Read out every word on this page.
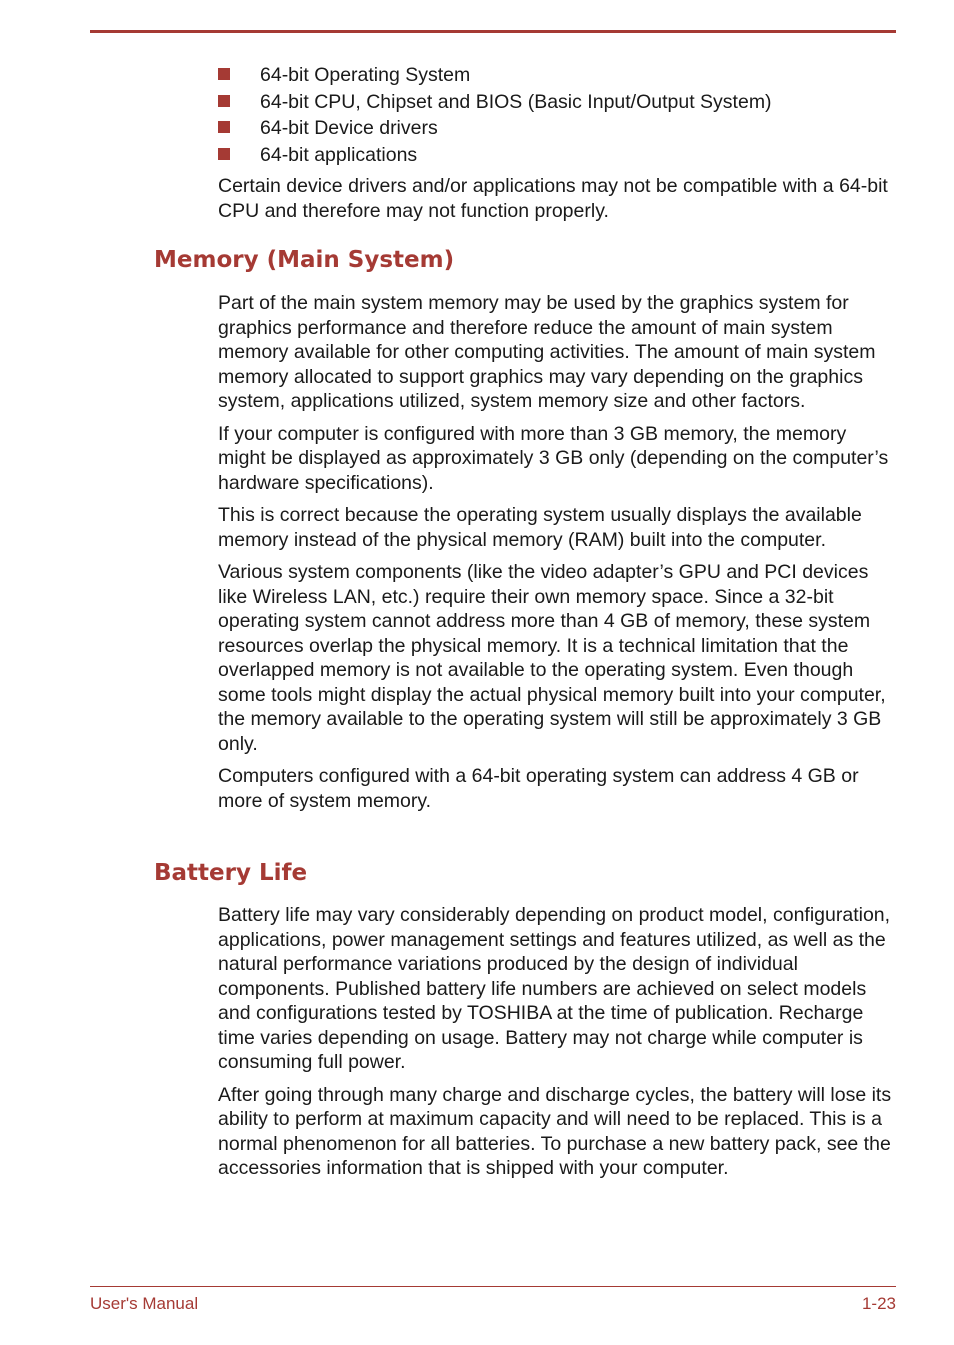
64-bit Operating System
64-bit CPU, Chipset and BIOS (Basic Input/Output System)
64-bit Device drivers
64-bit applications

Certain device drivers and/or applications may not be compatible with a 64-bit CPU and therefore may not function properly.

Memory (Main System)

Part of the main system memory may be used by the graphics system for graphics performance and therefore reduce the amount of main system memory available for other computing activities. The amount of main system memory allocated to support graphics may vary depending on the graphics system, applications utilized, system memory size and other factors.

If your computer is configured with more than 3 GB memory, the memory might be displayed as approximately 3 GB only (depending on the computer’s hardware specifications).

This is correct because the operating system usually displays the available memory instead of the physical memory (RAM) built into the computer.

Various system components (like the video adapter’s GPU and PCI devices like Wireless LAN, etc.) require their own memory space. Since a 32-bit operating system cannot address more than 4 GB of memory, these system resources overlap the physical memory. It is a technical limitation that the overlapped memory is not available to the operating system. Even though some tools might display the actual physical memory built into your computer, the memory available to the operating system will still be approximately 3 GB only.

Computers configured with a 64-bit operating system can address 4 GB or more of system memory.

Battery Life

Battery life may vary considerably depending on product model, configuration, applications, power management settings and features utilized, as well as the natural performance variations produced by the design of individual components. Published battery life numbers are achieved on select models and configurations tested by TOSHIBA at the time of publication. Recharge time varies depending on usage. Battery may not charge while computer is consuming full power.

After going through many charge and discharge cycles, the battery will lose its ability to perform at maximum capacity and will need to be replaced. This is a normal phenomenon for all batteries. To purchase a new battery pack, see the accessories information that is shipped with your computer.

User's Manual	1-23
